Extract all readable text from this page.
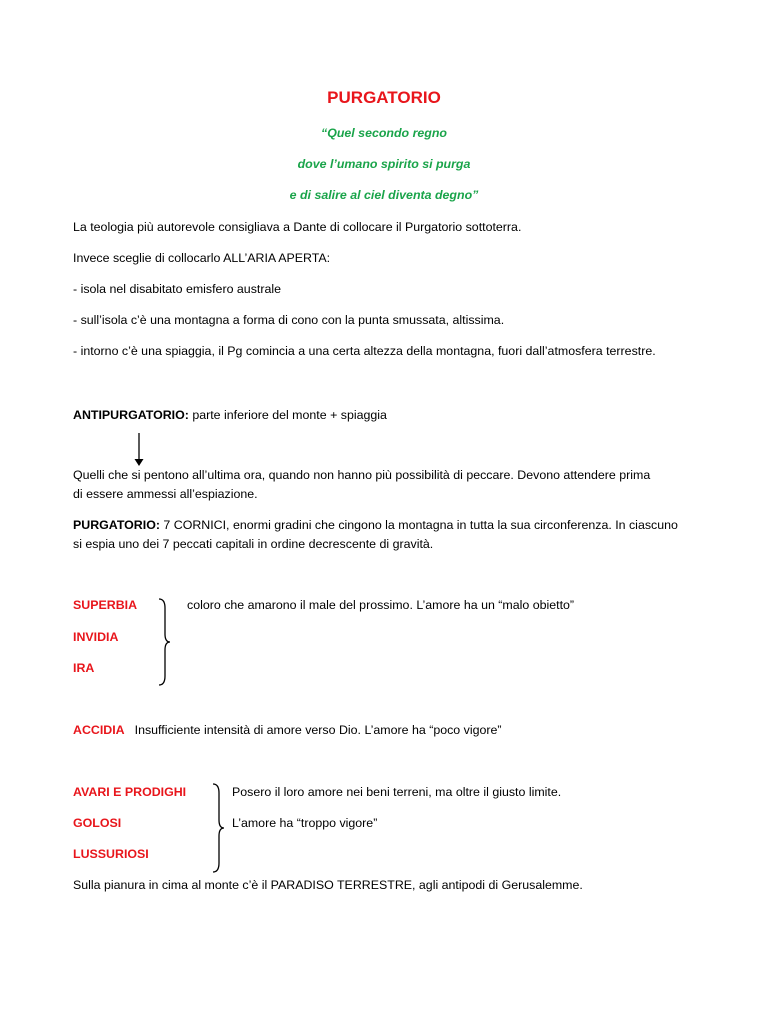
PURGATORIO
“Quel secondo regno
dove l’umano spirito si purga
e di salire al ciel diventa degno”
La teologia più autorevole consigliava a Dante di collocare il Purgatorio sottoterra.
Invece sceglie di collocarlo ALL’ARIA APERTA:
- isola nel disabitato emisfero australe
- sull’isola c’è una montagna a forma di cono con la punta smussata, altissima.
- intorno c’è una spiaggia, il Pg comincia a una certa altezza della montagna, fuori dall’atmosfera terrestre.
ANTIPURGATORIO: parte inferiore del monte + spiaggia
Quelli che si pentono all’ultima ora, quando non hanno più possibilità di peccare. Devono attendere prima
di essere ammessi all’espiazione.
PURGATORIO: 7 CORNICI, enormi gradini che cingono la montagna in tutta la sua circonferenza. In ciascuno
si espia uno dei 7 peccati capitali in ordine decrescente di gravità.
SUPERBIA
INVIDIA
IRA
coloro che amarono il male del prossimo. L’amore ha un “malo obietto”
ACCIDIA Insufficiente intensità di amore verso Dio. L’amore ha “poco vigore”
AVARI E PRODIGHI
GOLOSI
LUSSURIOSI
Posero il loro amore nei beni terreni, ma oltre il giusto limite.
L’amore ha “troppo vigore”
Sulla pianura in cima al monte c’è il PARADISO TERRESTRE, agli antipodi di Gerusalemme.
